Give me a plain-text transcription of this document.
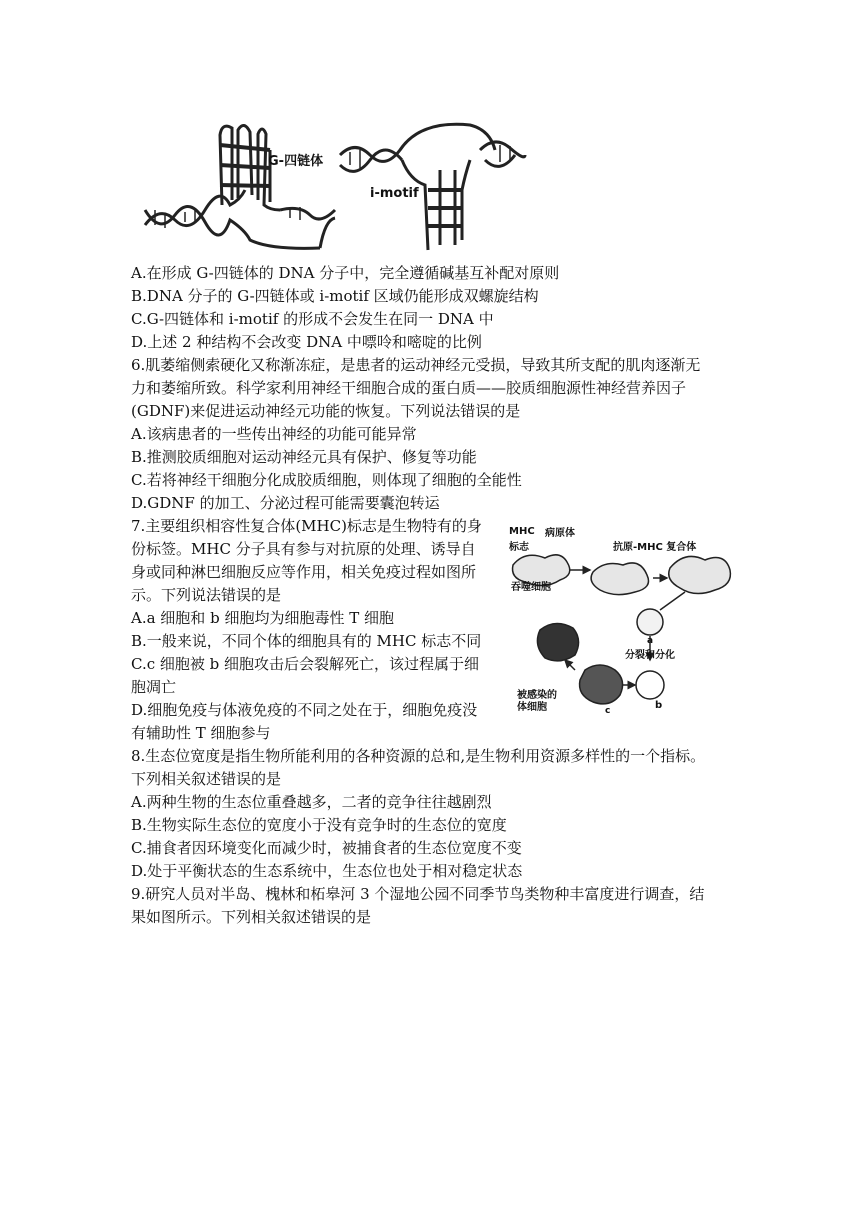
G-四链体
i-motif
A.在形成 G-四链体的 DNA 分子中，完全遵循碱基互补配对原则
B.DNA 分子的 G-四链体或 i-motif 区域仍能形成双螺旋结构
C.G-四链体和 i-motif 的形成不会发生在同一 DNA 中
D.上述 2 种结构不会改变 DNA 中嘌呤和嘧啶的比例
6.肌萎缩侧索硬化又称渐冻症，是患者的运动神经元受损，导致其所支配的肌肉逐渐无
力和萎缩所致。科学家利用神经干细胞合成的蛋白质——胶质细胞源性神经营养因子
(GDNF)来促进运动神经元功能的恢复。下列说法错误的是
A.该病患者的一些传出神经的功能可能异常
B.推测胶质细胞对运动神经元具有保护、修复等功能
C.若将神经干细胞分化成胶质细胞，则体现了细胞的全能性
D.GDNF 的加工、分泌过程可能需要囊泡转运
7.主要组织相容性复合体(MHC)标志是生物特有的身
份标签。MHC 分子具有参与对抗原的处理、诱导自
身或同种淋巴细胞反应等作用，相关免疫过程如图所
示。下列说法错误的是
A.a 细胞和 b 细胞均为细胞毒性 T 细胞
B.一般来说，不同个体的细胞具有的 MHC 标志不同
C.c 细胞被 b 细胞攻击后会裂解死亡，该过程属于细
胞凋亡
D.细胞免疫与体液免疫的不同之处在于，细胞免疫没
有辅助性 T 细胞参与
MHC
标志
病原体
抗原-MHC 复合体
吞噬细胞
a
分裂和分化
被感染的
体细胞	b
c
8.生态位宽度是指生物所能利用的各种资源的总和,是生物利用资源多样性的一个指标。
下列相关叙述错误的是
A.两种生物的生态位重叠越多，二者的竞争往往越剧烈
B.生物实际生态位的宽度小于没有竞争时的生态位的宽度
C.捕食者因环境变化而减少时，被捕食者的生态位宽度不变
D.处于平衡状态的生态系统中，生态位也处于相对稳定状态
9.研究人员对半岛、槐林和柘皋河 3 个湿地公园不同季节鸟类物种丰富度进行调查，结
果如图所示。下列相关叙述错误的是
